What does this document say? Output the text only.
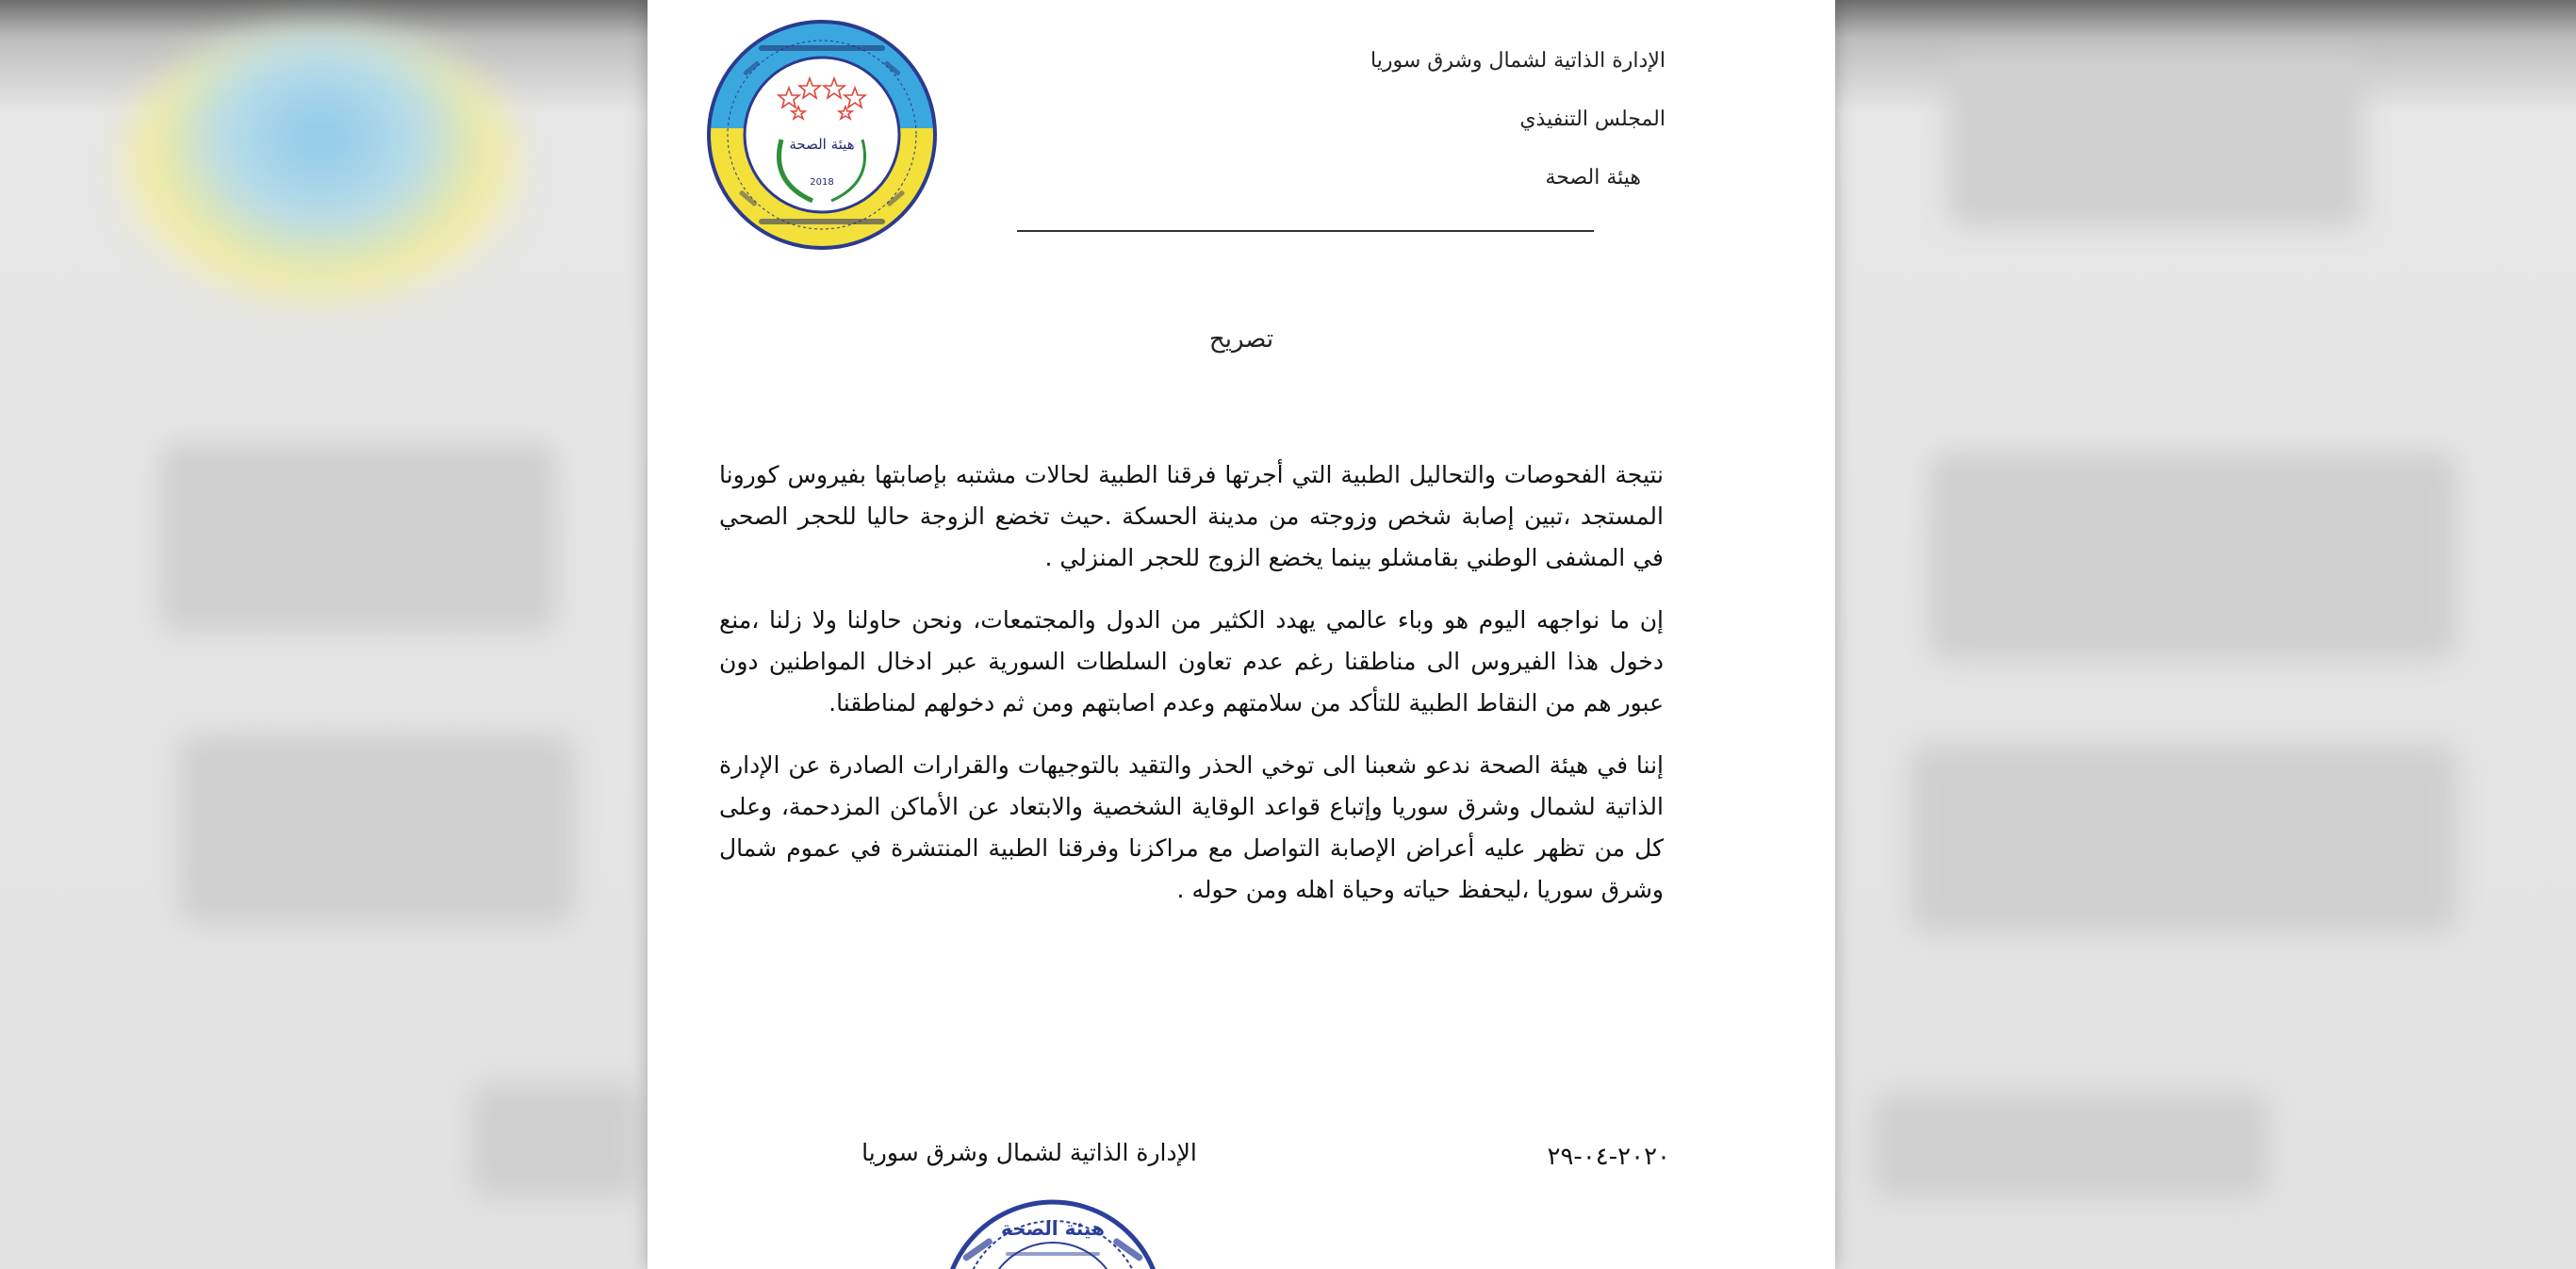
هيئة الصحة
2018
الإدارة الذاتية لشمال وشرق سوريا
المجلس التنفيذي
هيئة الصحة
تصريح

نتيجة الفحوصات والتحاليل الطبية التي أجرتها فرقنا الطبية لحالات مشتبه بإصابتها بفيروس كورونا المستجد ،تبين إصابة شخص وزوجته من مدينة الحسكة .حيث تخضع الزوجة حاليا للحجر الصحي في المشفى الوطني بقامشلو بينما يخضع الزوج للحجر المنزلي .

إن ما نواجهه اليوم هو وباء عالمي يهدد الكثير من الدول والمجتمعات، ونحن حاولنا ولا زلنا ،منع دخول هذا الفيروس الى مناطقنا رغم عدم تعاون السلطات السورية عبر ادخال المواطنين دون عبور هم من النقاط الطبية للتأكد من سلامتهم وعدم اصابتهم ومن ثم دخولهم لمناطقنا.

إننا في هيئة الصحة ندعو شعبنا الى توخي الحذر والتقيد بالتوجيهات والقرارات الصادرة عن الإدارة الذاتية لشمال وشرق سوريا وإتباع قواعد الوقاية الشخصية والابتعاد عن الأماكن المزدحمة، وعلى كل من تظهر عليه أعراض الإصابة التواصل مع مراكزنا وفرقنا الطبية المنتشرة في عموم شمال وشرق سوريا ،ليحفظ حياته وحياة اهله ومن حوله .

٢٠٢٠-٠٤-٢٩
الإدارة الذاتية لشمال وشرق سوريا
هيئة الصحة
